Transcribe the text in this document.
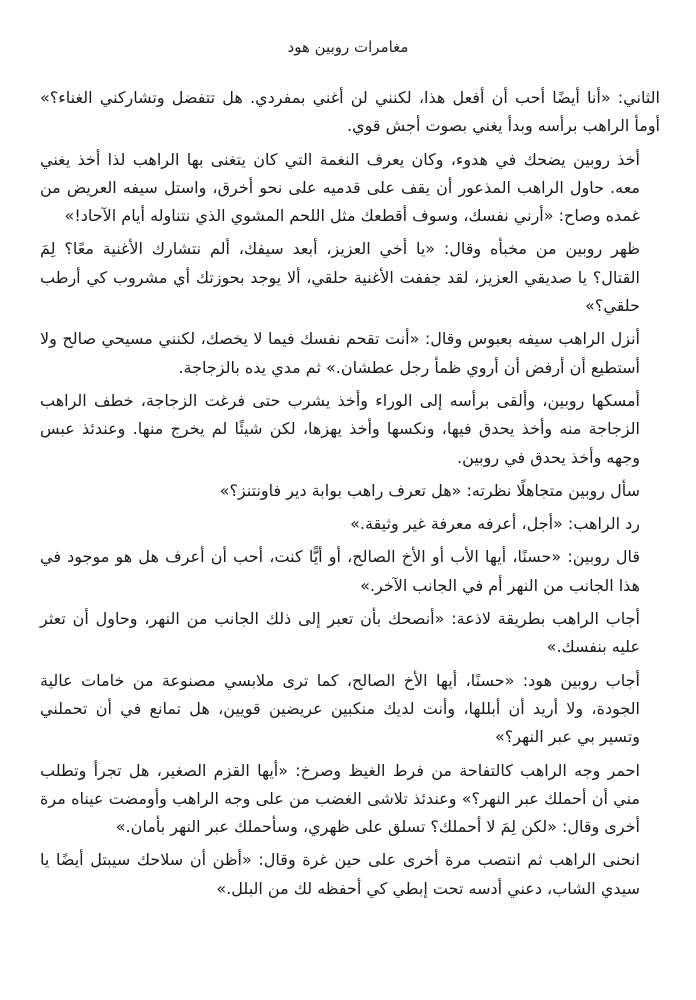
مغامرات روبين هود

الثاني: «أنا أيضًا أحب أن أفعل هذا، لكنني لن أغني بمفردي. هل تتفضل وتشاركني الغناء؟» أومأ الراهب برأسه وبدأ يغني بصوت أجش قوي.

أخذ روبين يضحك في هدوء، وكان يعرف النغمة التي كان يتغنى بها الراهب لذا أخذ يغني معه. حاول الراهب المذعور أن يقف على قدميه على نحو أخرق، واستل سيفه العريض من غمده وصاح: «أرني نفسك، وسوف أقطعك مثل اللحم المشوي الذي نتناوله أيام الآحاد!»

ظهر روبين من مخبأه وقال: «يا أخي العزيز، أبعد سيفك، ألم نتشارك الأغنية معًا؟ لِمَ القتال؟ يا صديقي العزيز، لقد جففت الأغنية حلقي، ألا يوجد بحوزتك أي مشروب كي أرطب حلقي؟»

أنزل الراهب سيفه بعبوس وقال: «أنت تقحم نفسك فيما لا يخصك، لكنني مسيحي صالح ولا أستطيع أن أرفض أن أروي ظمأ رجل عطشان.» ثم مدي يده بالزجاجة.

أمسكها روبين، وألقى برأسه إلى الوراء وأخذ يشرب حتى فرغت الزجاجة، خطف الراهب الزجاجة منه وأخذ يحدق فيها، ونكسها وأخذ يهزها، لكن شيئًا لم يخرج منها. وعندئذ عبس وجهه وأخذ يحدق في روبين.

سأل روبين متجاهلًا نظرته: «هل تعرف راهب بوابة دير فاونتنز؟»

رد الراهب: «أجل، أعرفه معرفة غير وثيقة.»

قال روبين: «حسنًا، أيها الأب أو الأخ الصالح، أو أيًّا كنت، أحب أن أعرف هل هو موجود في هذا الجانب من النهر أم في الجانب الآخر.»

أجاب الراهب بطريقة لاذعة: «أنصحك بأن تعبر إلى ذلك الجانب من النهر، وحاول أن تعثر عليه بنفسك.»

أجاب روبين هود: «حسنًا، أيها الأخ الصالح، كما ترى ملابسي مصنوعة من خامات عالية الجودة، ولا أريد أن أبللها، وأنت لديك منكبين عريضين قويين، هل تمانع في أن تحملني وتسير بي عبر النهر؟»

احمر وجه الراهب كالتفاحة من فرط الغيظ وصرخ: «أيها القزم الصغير، هل تجرأ وتطلب مني أن أحملك عبر النهر؟» وعندئذ تلاشى الغضب من على وجه الراهب وأومضت عيناه مرة أخرى وقال: «لكن لِمَ لا أحملك؟ تسلق على ظهري، وسأحملك عبر النهر بأمان.»

انحنى الراهب ثم انتصب مرة أخرى على حين غرة وقال: «أظن أن سلاحك سيبتل أيضًا يا سيدي الشاب، دعني أدسه تحت إبطي كي أحفظه لك من البلل.»
